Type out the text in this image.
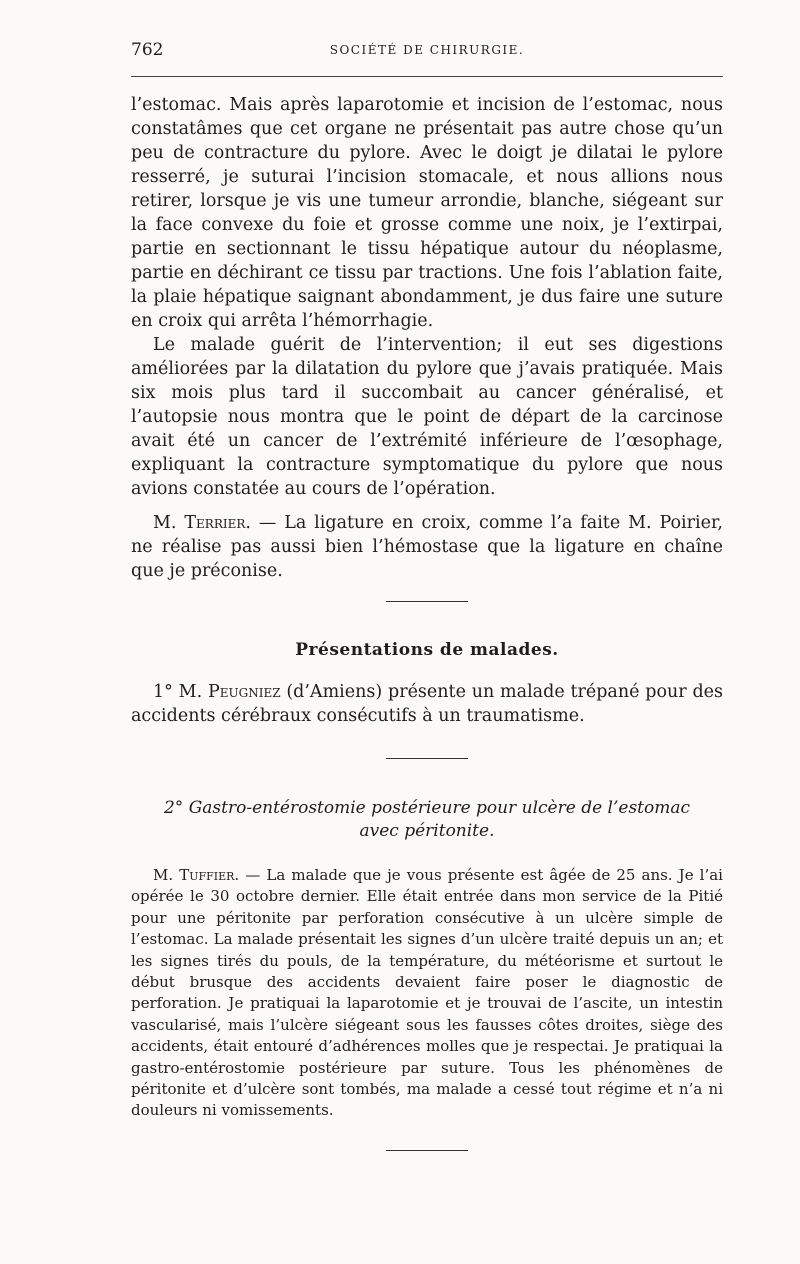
762	SOCIÉTÉ DE CHIRURGIE.

l’estomac. Mais après laparotomie et incision de l’estomac, nous constatâmes que cet organe ne présentait pas autre chose qu’un peu de contracture du pylore. Avec le doigt je dilatai le pylore resserré, je suturai l’incision stomacale, et nous allions nous retirer, lorsque je vis une tumeur arrondie, blanche, siégeant sur la face convexe du foie et grosse comme une noix, je l’extirpai, partie en sectionnant le tissu hépatique autour du néoplasme, partie en déchirant ce tissu par tractions. Une fois l’ablation faite, la plaie hépatique saignant abondamment, je dus faire une suture en croix qui arrêta l’hémorrhagie.

Le malade guérit de l’intervention; il eut ses digestions améliorées par la dilatation du pylore que j’avais pratiquée. Mais six mois plus tard il succombait au cancer généralisé, et l’autopsie nous montra que le point de départ de la carcinose avait été un cancer de l’extrémité inférieure de l’œsophage, expliquant la contracture symptomatique du pylore que nous avions constatée au cours de l’opération.

M. Terrier. — La ligature en croix, comme l’a faite M. Poirier, ne réalise pas aussi bien l’hémostase que la ligature en chaîne que je préconise.

Présentations de malades.

1° M. Peugniez (d’Amiens) présente un malade trépané pour des accidents cérébraux consécutifs à un traumatisme.

2° Gastro-entérostomie postérieure pour ulcère de l’estomac
avec péritonite.

M. Tuffier. — La malade que je vous présente est âgée de 25 ans. Je l’ai opérée le 30 octobre dernier. Elle était entrée dans mon service de la Pitié pour une péritonite par perforation consécutive à un ulcère simple de l’estomac. La malade présentait les signes d’un ulcère traité depuis un an; et les signes tirés du pouls, de la température, du météorisme et surtout le début brusque des accidents devaient faire poser le diagnostic de perforation. Je pratiquai la laparotomie et je trouvai de l’ascite, un intestin vascularisé, mais l’ulcère siégeant sous les fausses côtes droites, siège des accidents, était entouré d’adhérences molles que je respectai. Je pratiquai la gastro-entérostomie postérieure par suture. Tous les phénomènes de péritonite et d’ulcère sont tombés, ma malade a cessé tout régime et n’a ni douleurs ni vomissements.
